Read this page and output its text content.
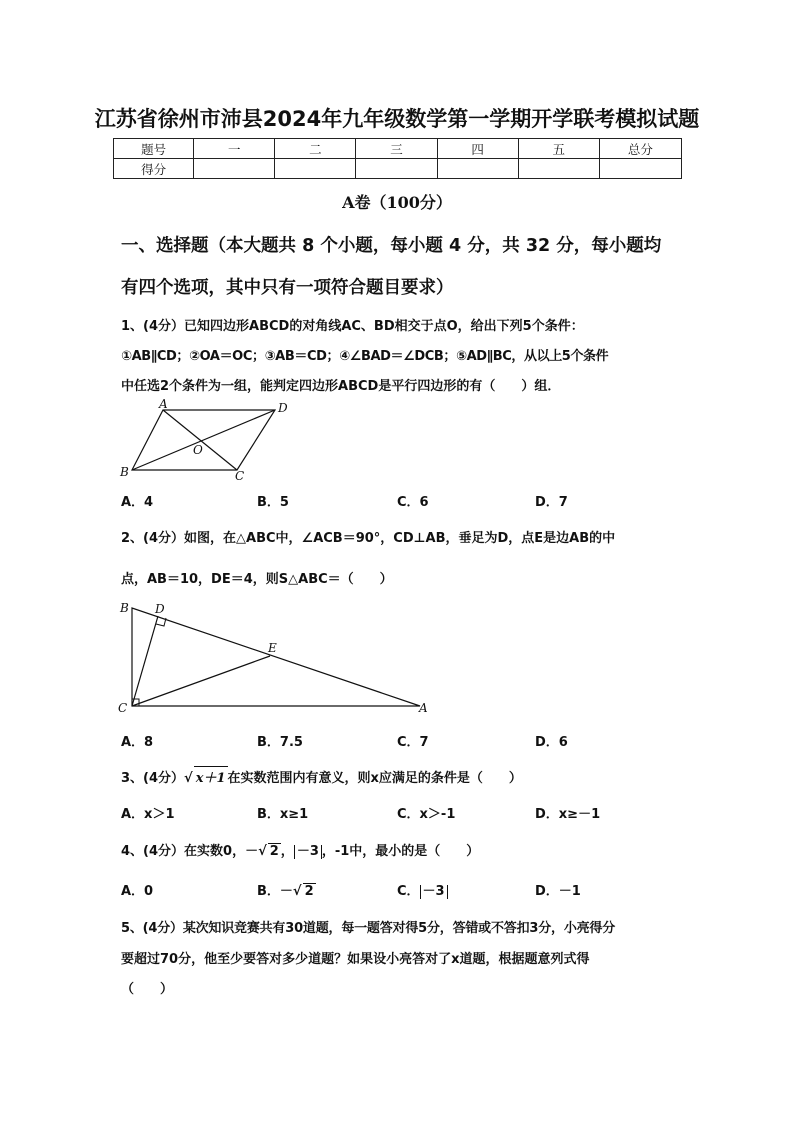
江苏省徐州市沛县2024年九年级数学第一学期开学联考模拟试题
题号	一	二	三	四	五	总分
得分						
A卷（100分）
一、选择题（本大题共 8 个小题，每小题 4 分，共 32 分，每小题均
有四个选项，其中只有一项符合题目要求）
1、(4分）已知四边形ABCD的对角线AC、BD相交于点O，给出下列5个条件：
①AB∥CD；②OA＝OC；③AB＝CD；④∠BAD＝∠DCB；⑤AD∥BC，从以上5个条件
中任选2个条件为一组，能判定四边形ABCD是平行四边形的有（　　）组．
A	D
B	C
O
A．4	B．5	C．6	D．7
2、(4分）如图，在△ABC中，∠ACB＝90°，CD⊥AB，垂足为D，点E是边AB的中
点，AB＝10，DE＝4，则S△ABC＝（　　）
B D
E
C	A
A．8	B．7.5	C．7	D．6
3、(4分）√ x＋1 在实数范围内有意义，则x应满足的条件是（　　）
A．x＞1	B．x≥1	C．x＞-1	D．x≥－1
4、(4分）在实数0，－√ 2 ， －3 ，-1中，最小的是（　　）
A．0	B．－√ 2	C． －3	D．－1
5、(4分）某次知识竞赛共有30道题，每一题答对得5分，答错或不答扣3分，小亮得分
要超过70分，他至少要答对多少道题？如果设小亮答对了x道题，根据题意列式得
（　　）
